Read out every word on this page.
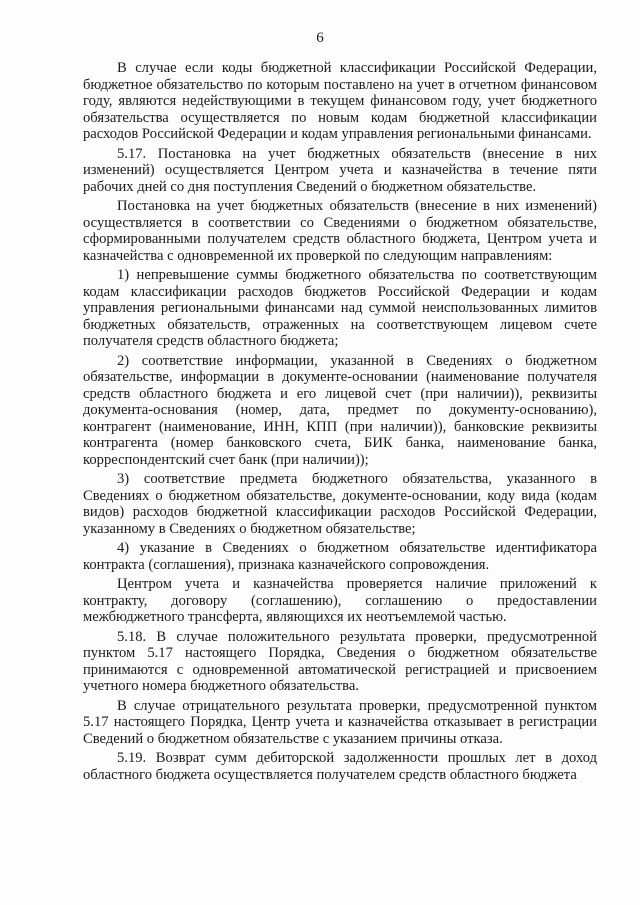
6

В случае если коды бюджетной классификации Российской Федерации, бюджетное обязательство по которым поставлено на учет в отчетном финансовом году, являются недействующими в текущем финансовом году, учет бюджетного обязательства осуществляется по новым кодам бюджетной классификации расходов Российской Федерации и кодам управления региональными финансами.

5.17. Постановка на учет бюджетных обязательств (внесение в них изменений) осуществляется Центром учета и казначейства в течение пяти рабочих дней со дня поступления Сведений о бюджетном обязательстве.

Постановка на учет бюджетных обязательств (внесение в них изменений) осуществляется в соответствии со Сведениями о бюджетном обязательстве, сформированными получателем средств областного бюджета, Центром учета и казначейства с одновременной их проверкой по следующим направлениям:

1) непревышение суммы бюджетного обязательства по соответствующим кодам классификации расходов бюджетов Российской Федерации и кодам управления региональными финансами над суммой неиспользованных лимитов бюджетных обязательств, отраженных на соответствующем лицевом счете получателя средств областного бюджета;

2) соответствие информации, указанной в Сведениях о бюджетном обязательстве, информации в документе-основании (наименование получателя средств областного бюджета и его лицевой счет (при наличии)), реквизиты документа-основания (номер, дата, предмет по документу-основанию), контрагент (наименование, ИНН, КПП (при наличии)), банковские реквизиты контрагента (номер банковского счета, БИК банка, наименование банка, корреспондентский счет банк (при наличии));

3) соответствие предмета бюджетного обязательства, указанного в Сведениях о бюджетном обязательстве, документе-основании, коду вида (кодам видов) расходов бюджетной классификации расходов Российской Федерации, указанному в Сведениях о бюджетном обязательстве;

4) указание в Сведениях о бюджетном обязательстве идентификатора контракта (соглашения), признака казначейского сопровождения.

Центром учета и казначейства проверяется наличие приложений к контракту, договору (соглашению), соглашению о предоставлении межбюджетного трансферта, являющихся их неотъемлемой частью.

5.18. В случае положительного результата проверки, предусмотренной пунктом 5.17 настоящего Порядка, Сведения о бюджетном обязательстве принимаются с одновременной автоматической регистрацией и присвоением учетного номера бюджетного обязательства.

В случае отрицательного результата проверки, предусмотренной пунктом 5.17 настоящего Порядка, Центр учета и казначейства отказывает в регистрации Сведений о бюджетном обязательстве с указанием причины отказа.

5.19. Возврат сумм дебиторской задолженности прошлых лет в доход областного бюджета осуществляется получателем средств областного бюджета
